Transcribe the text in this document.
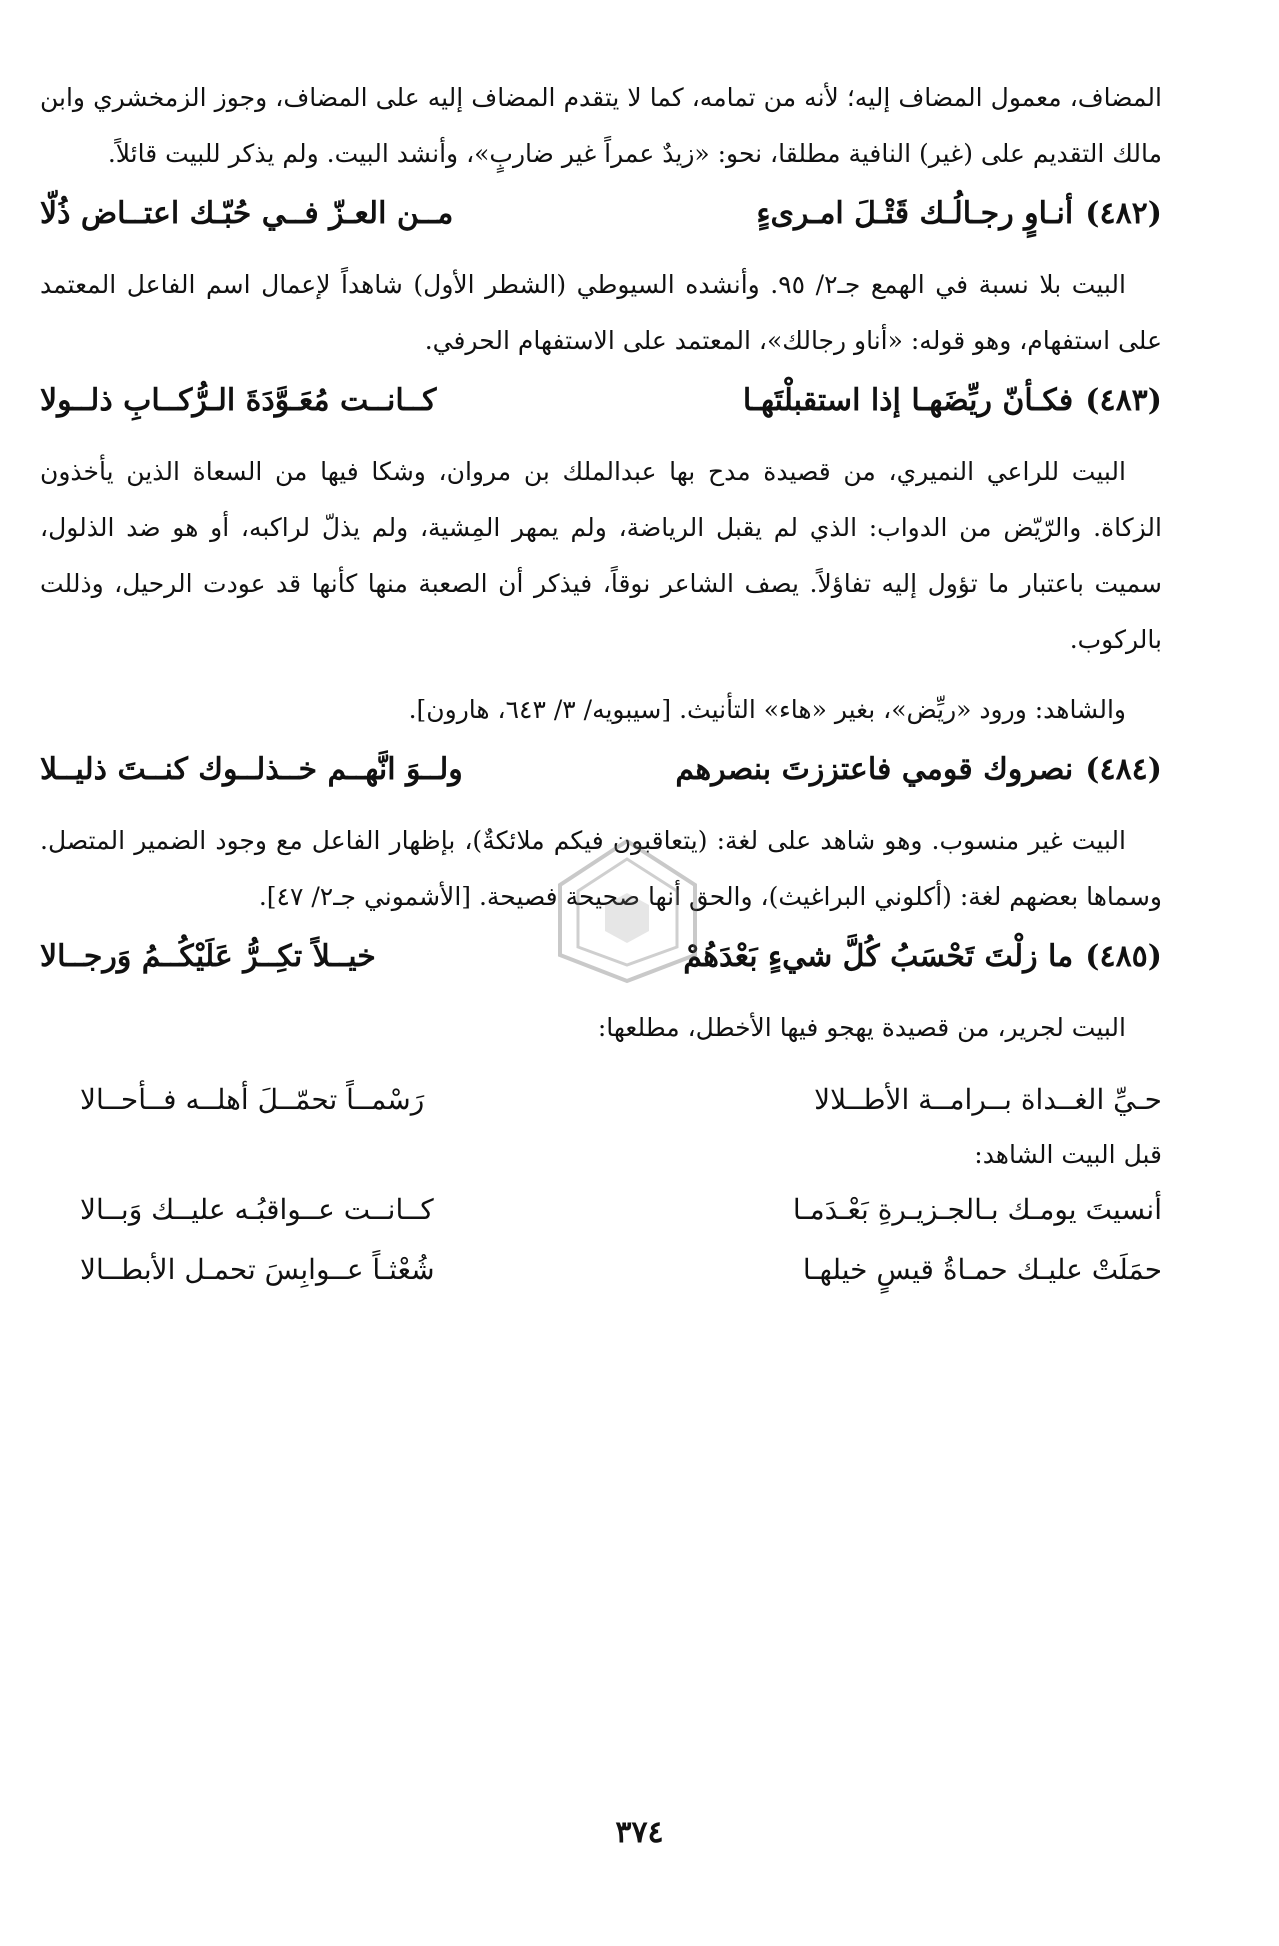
المضاف، معمول المضاف إليه؛ لأنه من تمامه، كما لا يتقدم المضاف إليه على المضاف، وجوز الزمخشري وابن مالك التقديم على (غير) النافية مطلقا، نحو: «زيدٌ عمراً غير ضاربٍ»، وأنشد البيت. ولم يذكر للبيت قائلاً.

(٤٨٢)أنـاوٍ رجـالُـك قَتْـلَ امـرىءٍ
مــن العـزّ فــي حُبّـك اعتــاض ذُلّا

البيت بلا نسبة في الهمع جـ٢/ ٩٥. وأنشده السيوطي (الشطر الأول) شاهداً لإعمال اسم الفاعل المعتمد على استفهام، وهو قوله: «أناو رجالك»، المعتمد على الاستفهام الحرفي.

(٤٨٣)فكـأنّ ريِّضَهـا إذا استقبلْتَهـا
كــانــت مُعَـوَّدَةَ الـرُّكــابِ ذلــولا

البيت للراعي النميري، من قصيدة مدح بها عبدالملك بن مروان، وشكا فيها من السعاة الذين يأخذون الزكاة. والرّيّض من الدواب: الذي لم يقبل الرياضة، ولم يمهر المِشية، ولم يذلّ لراكبه، أو هو ضد الذلول، سميت باعتبار ما تؤول إليه تفاؤلاً. يصف الشاعر نوقاً، فيذكر أن الصعبة منها كأنها قد عودت الرحيل، وذللت بالركوب.

والشاهد: ورود «ريِّض»، بغير «هاء» التأنيث. [سيبويه/ ٣/ ٦٤٣، هارون].

(٤٨٤)نصروك قومي فاعتززتَ بنصرهم
ولــوَ انَّهــم خــذلــوك كنــتَ ذليــلا

البيت غير منسوب. وهو شاهد على لغة: (يتعاقبون فيكم ملائكةٌ)، بإظهار الفاعل مع وجود الضمير المتصل. وسماها بعضهم لغة: (أكلوني البراغيث)، والحق أنها صحيحة فصيحة. [الأشموني جـ٢/ ٤٧].

(٤٨٥)ما زلْتَ تَحْسَبُ كُلَّ شيءٍ بَعْدَهُمْ
خيــلاً تكِــرُّ عَلَيْكُــمُ وَرجــالا

البيت لجرير، من قصيدة يهجو فيها الأخطل، مطلعها:

حـيِّ الغــداة بــرامــة الأطــلالا
رَسْمــاً تحمّــلَ أهلــه فــأحــالا
قبل البيت الشاهد:
أنسيتَ يومـك بـالجـزيـرةِ بَعْـدَمـا
كــانــت عــواقبُـه عليــك وَبــالا
حمَلَتْ عليـك حمـاةُ قيسٍ خيلهـا
شُعْثـاً عــوابِسَ تحمـل الأبطــالا
٣٧٤
